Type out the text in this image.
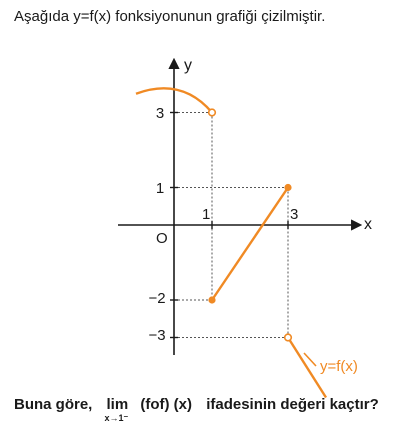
Aşağıda y=f(x) fonksiyonunun grafiği çizilmiştir.
x
y
O
1	3
3
1
−2
−3
y=f(x)
Buna göre, lim
x→1⁻
(fof) (x) ifadesinin değeri kaçtır?
